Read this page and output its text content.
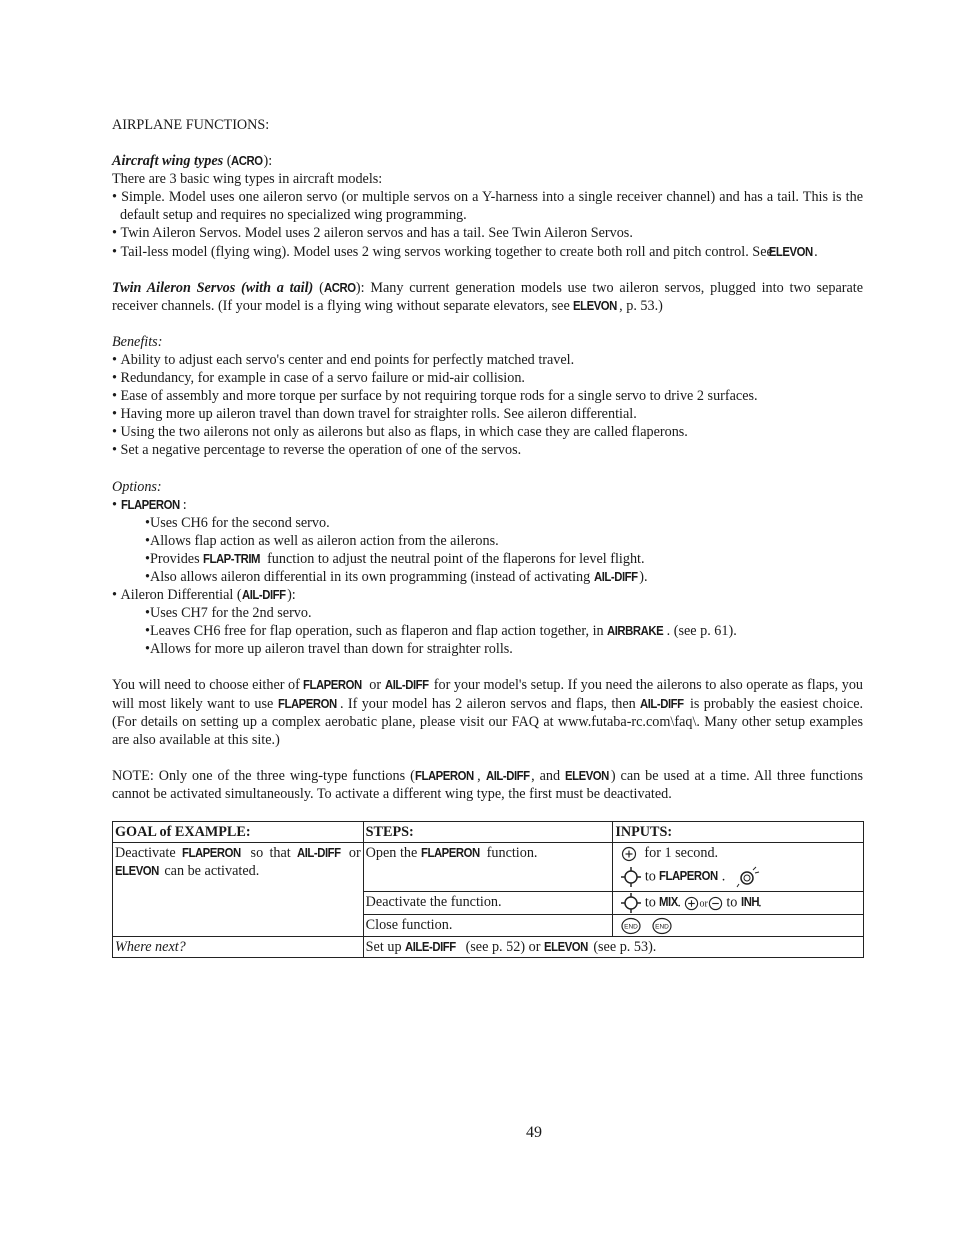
AIRPLANE FUNCTIONS:

Aircraft wing types (ACRO):

There are 3 basic wing types in aircraft models:

• Simple. Model uses one aileron servo (or multiple servos on a Y-harness into a single receiver channel) and has a tail. This is the default setup and requires no specialized wing programming.

• Twin Aileron Servos. Model uses 2 aileron servos and has a tail. See Twin Aileron Servos.

• Tail-less model (flying wing). Model uses 2 wing servos working together to create both roll and pitch control. See ELEVON.

Twin Aileron Servos (with a tail) (ACRO): Many current generation models use two aileron servos, plugged into two separate receiver channels. (If your model is a flying wing without separate elevators, see ELEVON , p. 53.)

Benefits:

• Ability to adjust each servo's center and end points for perfectly matched travel.

• Redundancy, for example in case of a servo failure or mid-air collision.

• Ease of assembly and more torque per surface by not requiring torque rods for a single servo to drive 2 surfaces.

• Having more up aileron travel than down travel for straighter rolls. See aileron differential.

• Using the two ailerons not only as ailerons but also as flaps, in which case they are called flaperons.

• Set a negative percentage to reverse the operation of one of the servos.

Options:

• FLAPERON :

•Uses CH6 for the second servo.

•Allows flap action as well as aileron action from the ailerons.

•Provides FLAP-TRIM function to adjust the neutral point of the flaperons for level flight.

•Also allows aileron differential in its own programming (instead of activating AIL-DIFF ).

• Aileron Differential (AIL-DIFF ):

•Uses CH7 for the 2nd servo.

•Leaves CH6 free for flap operation, such as flaperon and flap action together, in AIRBRAKE . (see p. 61).

•Allows for more up aileron travel than down for straighter rolls.

You will need to choose either of FLAPERON or AIL-DIFF for your model's setup. If you need the ailerons to also operate as flaps, you will most likely want to use FLAPERON . If your model has 2 aileron servos and flaps, then AIL-DIFF is probably the easiest choice. (For details on setting up a complex aerobatic plane, please visit our FAQ at www.futaba-rc.com\faq\. Many other setup examples are also available at this site.)

NOTE: Only one of the three wing-type functions (FLAPERON , AIL-DIFF , and ELEVON ) can be used at a time. All three functions cannot be activated simultaneously. To activate a different wing type, the first must be deactivated.

GOAL of EXAMPLE:	STEPS:	INPUTS:
Deactivate FLAPERON so that AIL-DIFF or ELEVON can be activated.	Open the FLAPERON function.	for 1 second.
to FLAPERON .

	Deactivate the function.	to MIX. or to INH.
	Close function.	END
END

Where next?	Set up AILE-DIFF (see p. 52) or ELEVON (see p. 53).	
49
